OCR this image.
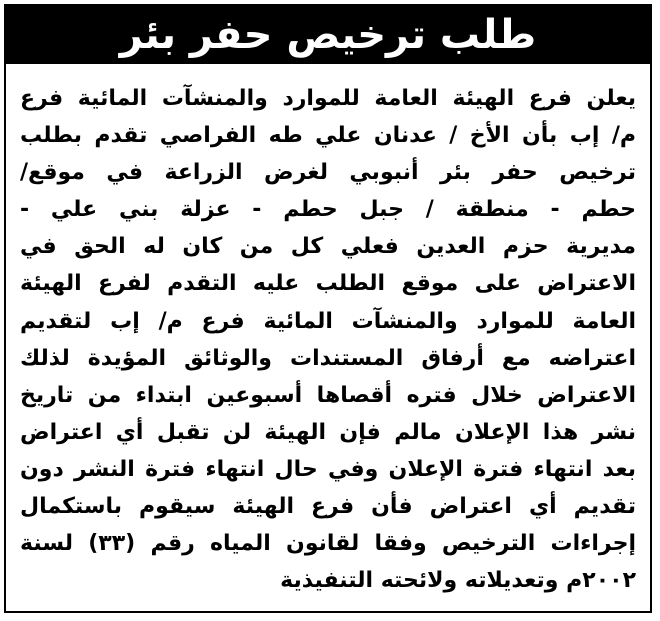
طلب ترخيص حفر بئر
يعلن فرع الهيئة العامة للموارد والمنشآت المائية فرع
م/ إب بأن الأخ / عدنان علي طه الفراصي تقدم بطلب
ترخيص حفر بئر أنبوبي لغرض الزراعة في موقع/
حطم - منطقة / جبل حطم - عزلة بني علي -
مديرية حزم العدين فعلي كل من كان له الحق في
الاعتراض على موقع الطلب عليه التقدم لفرع الهيئة
العامة للموارد والمنشآت المائية فرع م/ إب لتقديم
اعتراضه مع أرفاق المستندات والوثائق المؤيدة لذلك
الاعتراض خلال فتره أقصاها أسبوعين ابتداء من تاريخ
نشر هذا الإعلان مالم فإن الهيئة لن تقبل أي اعتراض
بعد انتهاء فترة الإعلان وفي حال انتهاء فترة النشر دون
تقديم أي اعتراض فأن فرع الهيئة سيقوم باستكمال
إجراءات الترخيص وفقا لقانون المياه رقم (٣٣) لسنة
٢٠٠٢م وتعديلاته ولائحته التنفيذية
